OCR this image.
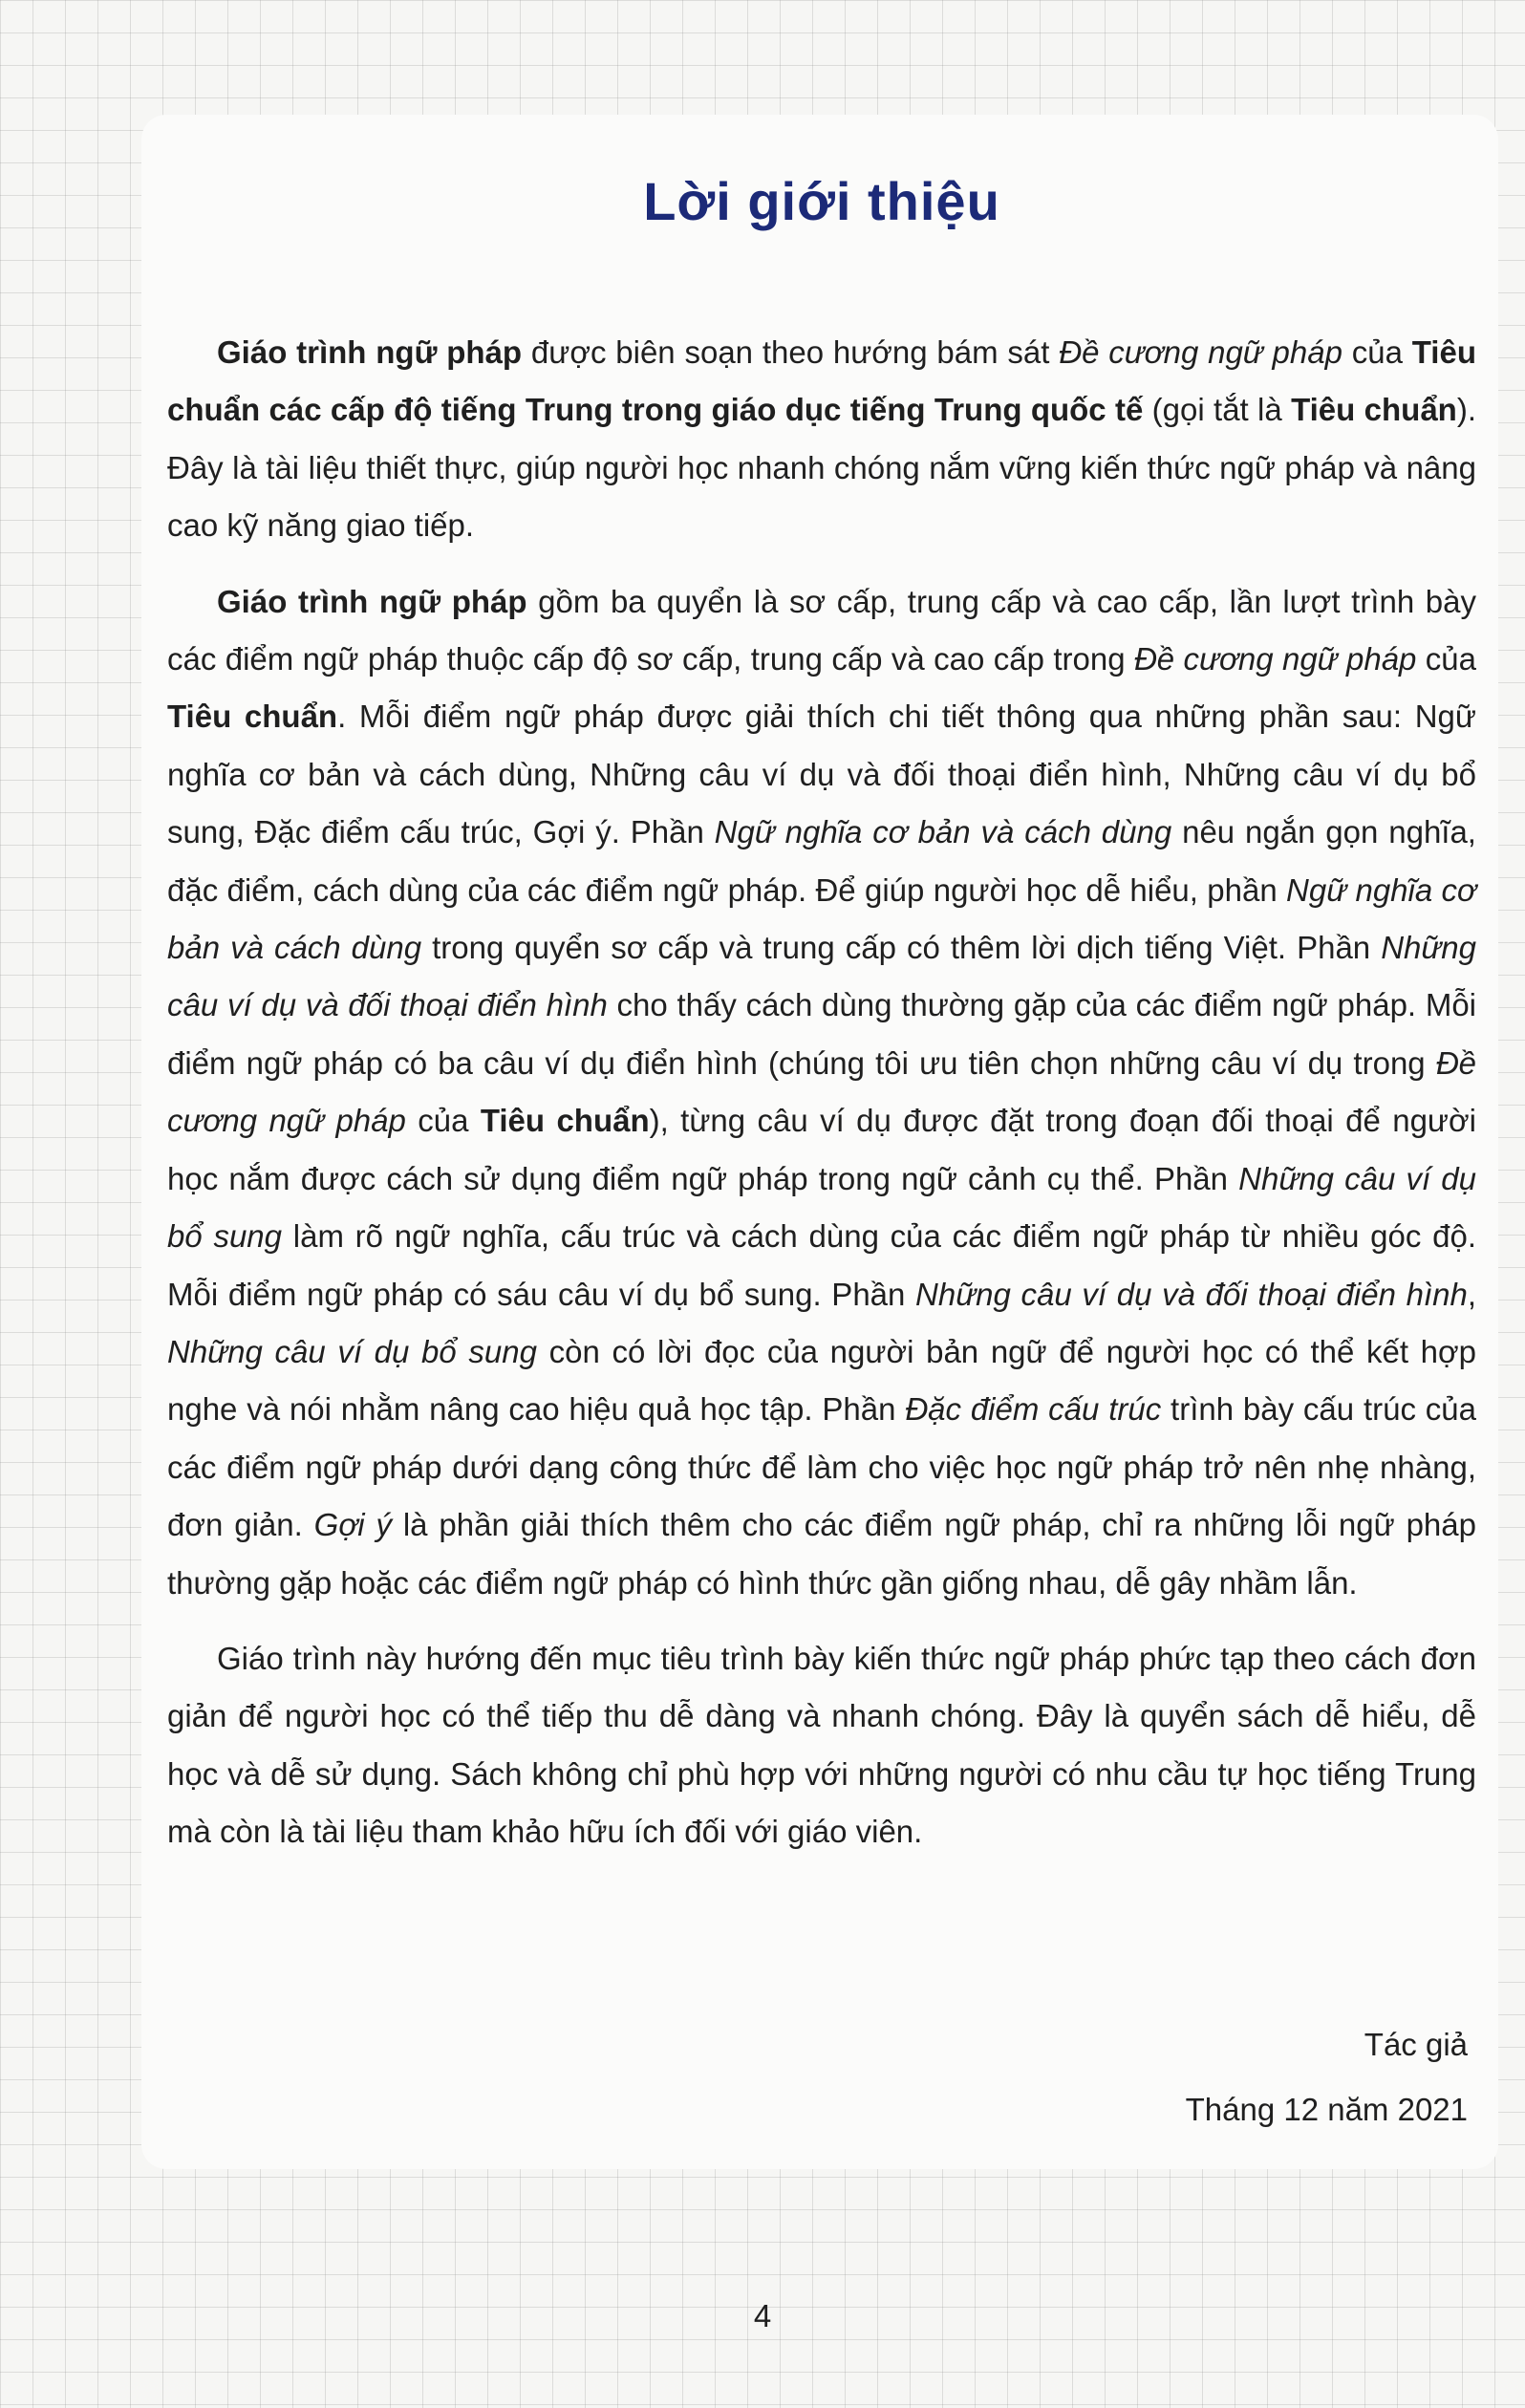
Lời giới thiệu

Giáo trình ngữ pháp được biên soạn theo hướng bám sát Đề cương ngữ pháp của Tiêu chuẩn các cấp độ tiếng Trung trong giáo dục tiếng Trung quốc tế (gọi tắt là Tiêu chuẩn). Đây là tài liệu thiết thực, giúp người học nhanh chóng nắm vững kiến thức ngữ pháp và nâng cao kỹ năng giao tiếp.

Giáo trình ngữ pháp gồm ba quyển là sơ cấp, trung cấp và cao cấp, lần lượt trình bày các điểm ngữ pháp thuộc cấp độ sơ cấp, trung cấp và cao cấp trong Đề cương ngữ pháp của Tiêu chuẩn. Mỗi điểm ngữ pháp được giải thích chi tiết thông qua những phần sau: Ngữ nghĩa cơ bản và cách dùng, Những câu ví dụ và đối thoại điển hình, Những câu ví dụ bổ sung, Đặc điểm cấu trúc, Gợi ý. Phần Ngữ nghĩa cơ bản và cách dùng nêu ngắn gọn nghĩa, đặc điểm, cách dùng của các điểm ngữ pháp. Để giúp người học dễ hiểu, phần Ngữ nghĩa cơ bản và cách dùng trong quyển sơ cấp và trung cấp có thêm lời dịch tiếng Việt. Phần Những câu ví dụ và đối thoại điển hình cho thấy cách dùng thường gặp của các điểm ngữ pháp. Mỗi điểm ngữ pháp có ba câu ví dụ điển hình (chúng tôi ưu tiên chọn những câu ví dụ trong Đề cương ngữ pháp của Tiêu chuẩn), từng câu ví dụ được đặt trong đoạn đối thoại để người học nắm được cách sử dụng điểm ngữ pháp trong ngữ cảnh cụ thể. Phần Những câu ví dụ bổ sung làm rõ ngữ nghĩa, cấu trúc và cách dùng của các điểm ngữ pháp từ nhiều góc độ. Mỗi điểm ngữ pháp có sáu câu ví dụ bổ sung. Phần Những câu ví dụ và đối thoại điển hình, Những câu ví dụ bổ sung còn có lời đọc của người bản ngữ để người học có thể kết hợp nghe và nói nhằm nâng cao hiệu quả học tập. Phần Đặc điểm cấu trúc trình bày cấu trúc của các điểm ngữ pháp dưới dạng công thức để làm cho việc học ngữ pháp trở nên nhẹ nhàng, đơn giản. Gợi ý là phần giải thích thêm cho các điểm ngữ pháp, chỉ ra những lỗi ngữ pháp thường gặp hoặc các điểm ngữ pháp có hình thức gần giống nhau, dễ gây nhầm lẫn.

Giáo trình này hướng đến mục tiêu trình bày kiến thức ngữ pháp phức tạp theo cách đơn giản để người học có thể tiếp thu dễ dàng và nhanh chóng. Đây là quyển sách dễ hiểu, dễ học và dễ sử dụng. Sách không chỉ phù hợp với những người có nhu cầu tự học tiếng Trung mà còn là tài liệu tham khảo hữu ích đối với giáo viên.

Tác giả
Tháng 12 năm 2021
4
